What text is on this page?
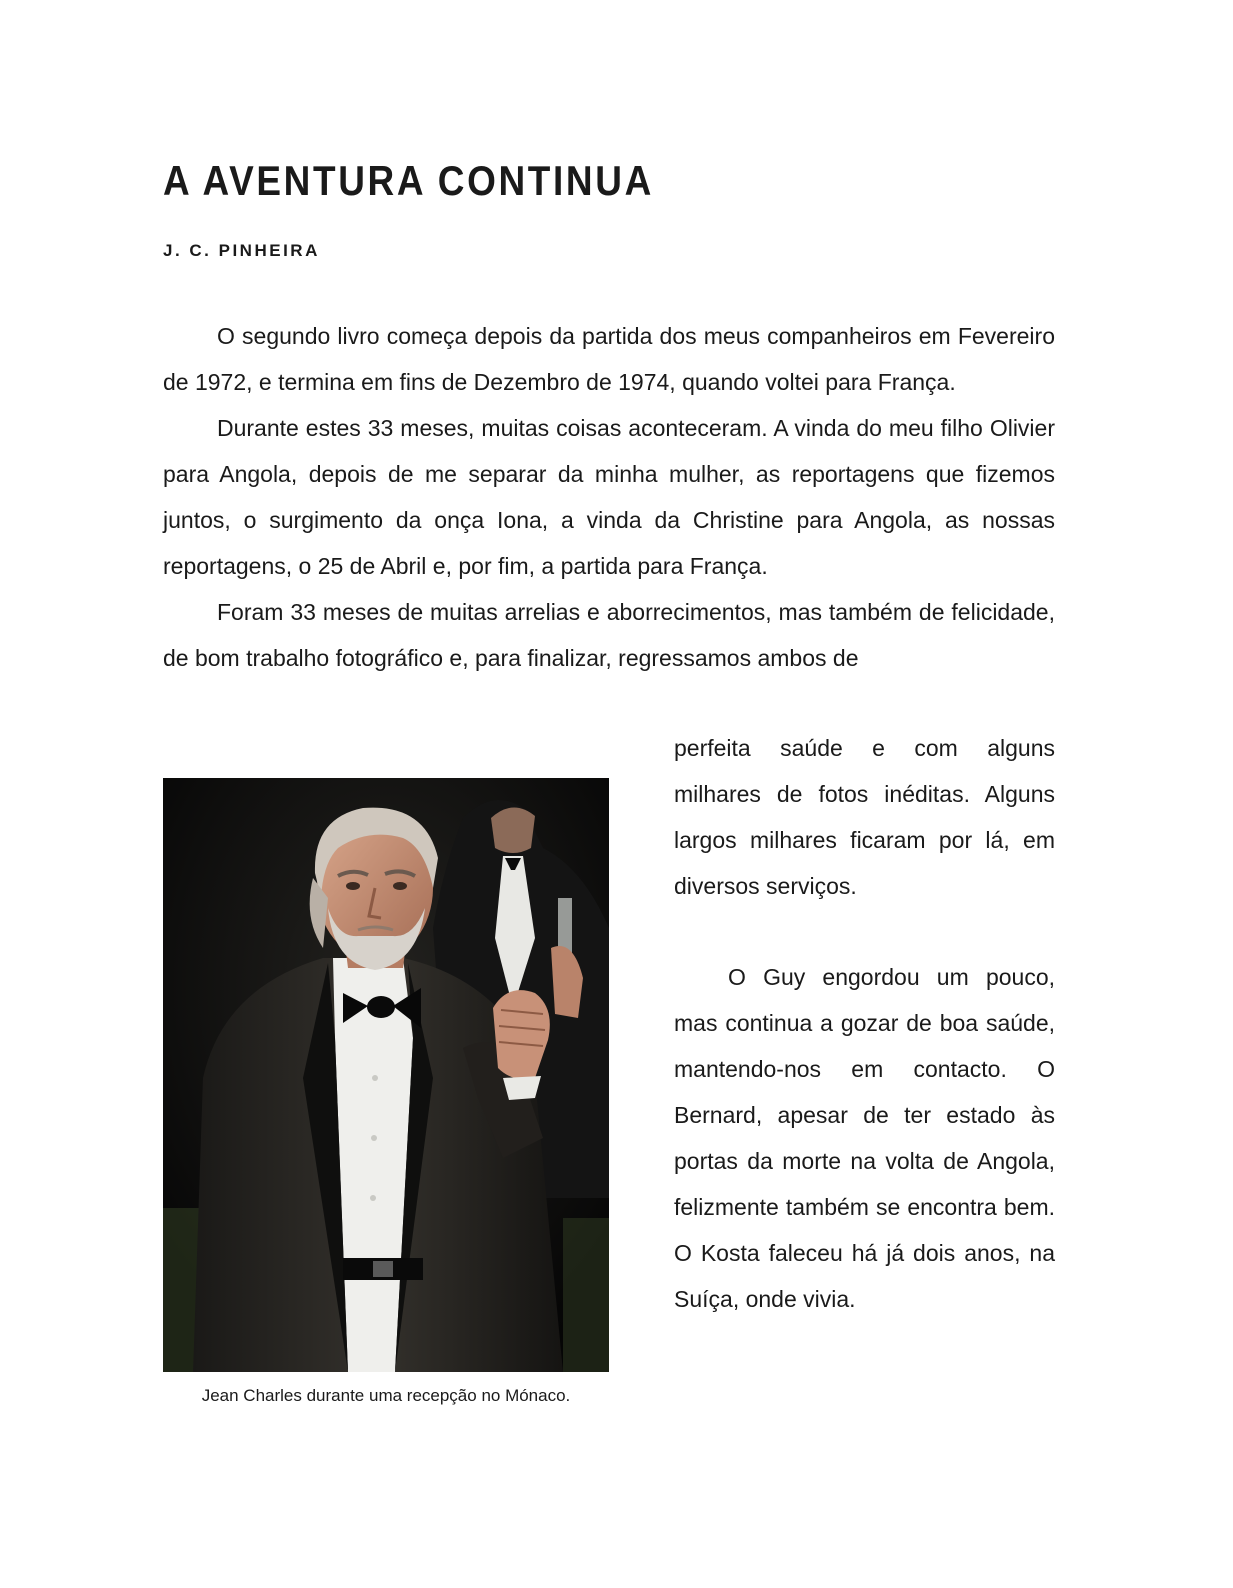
A AVENTURA CONTINUA
J. C. PINHEIRA

O segundo livro começa depois da partida dos meus companheiros em Fevereiro de 1972, e termina em fins de Dezembro de 1974, quando voltei para França.

Durante estes 33 meses, muitas coisas aconteceram. A vinda do meu filho Olivier para Angola, depois de me separar da minha mulher, as reportagens que fizemos juntos, o surgimento da onça Iona, a vinda da Christine para Angola, as nossas reportagens, o 25 de Abril e, por fim, a partida para França.

Foram 33 meses de muitas arrelias e aborrecimentos, mas também de felicidade, de bom trabalho fotográfico e, para finalizar, regressamos ambos de

perfeita saúde e com alguns milhares de fotos inéditas. Alguns largos milhares ficaram por lá, em diversos serviços.

O Guy engordou um pouco, mas continua a gozar de boa saúde, mantendo-nos em contacto. O Bernard, apesar de ter estado às portas da morte na volta de Angola, felizmente também se encontra bem. O Kosta faleceu há já dois anos, na Suíça, onde vivia.

Jean Charles durante uma recepção no Mónaco.
